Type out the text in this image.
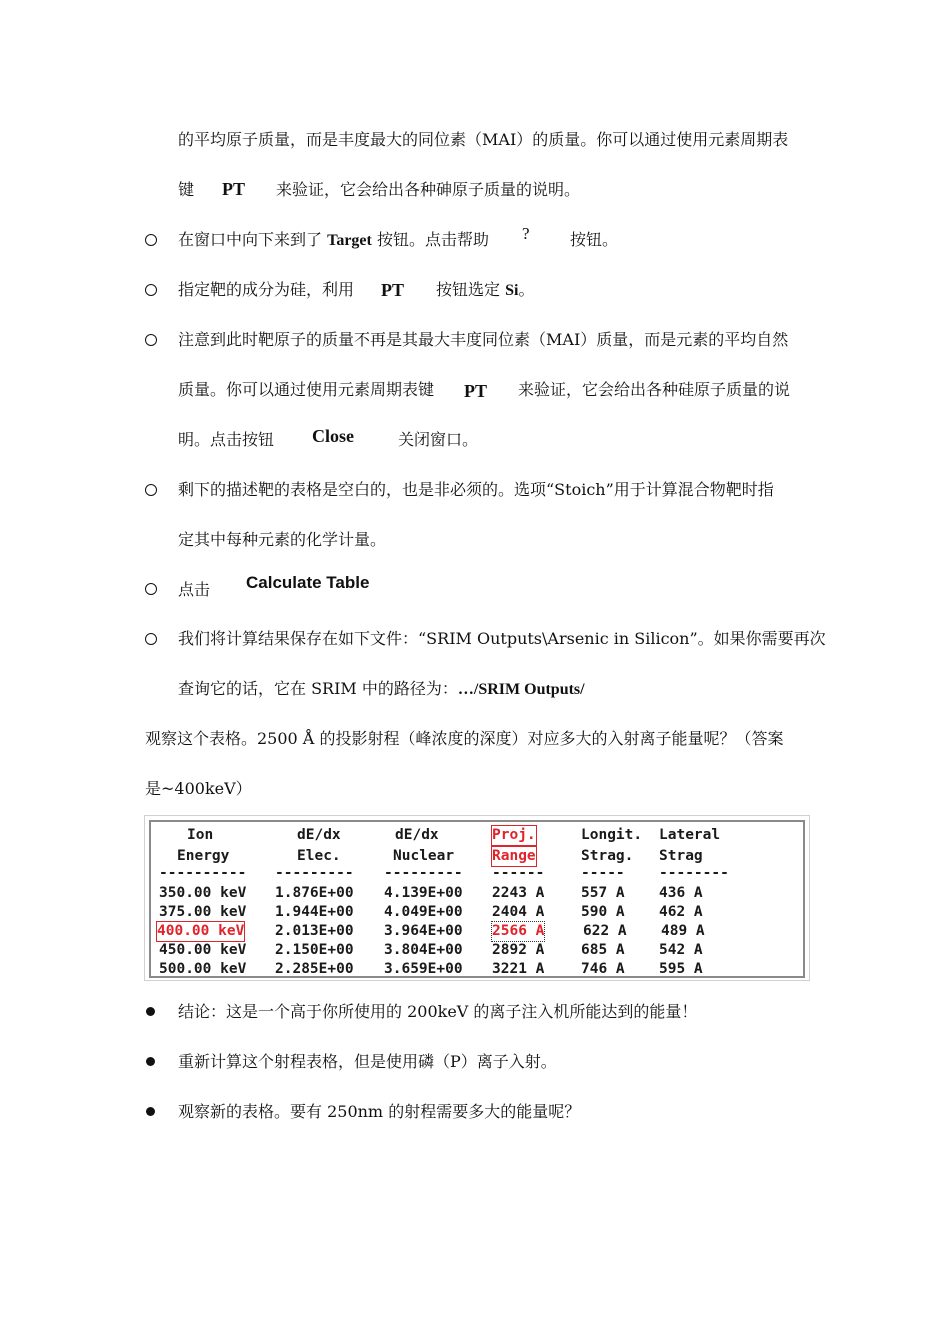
的平均原子质量，而是丰度最大的同位素（MAI）的质量。你可以通过使用元素周期表
键 PT 来验证，它会给出各种砷原子质量的说明。
在窗口中向下来到了 Target 按钮。点击帮助 ?	按钮。
指定靶的成分为硅，利用 PT 按钮选定 Si。
注意到此时靶原子的质量不再是其最大丰度同位素（MAI）质量，而是元素的平均自然
质量。你可以通过使用元素周期表键 PT 来验证，它会给出各种硅原子质量的说
明。点击按钮 Close	关闭窗口。
剩下的描述靶的表格是空白的，也是非必须的。选项“Stoich”用于计算混合物靶时指
定其中每种元素的化学计量。
点击 Calculate Table
我们将计算结果保存在如下文件：“SRIM Outputs\Arsenic in Silicon”。如果你需要再次
查询它的话，它在 SRIM 中的路径为：…/SRIM Outputs/
观察这个表格。2500 Å 的投影射程（峰浓度的深度）对应多大的入射离子能量呢？（答案
是~400keV）
Ion	dE/dx	dE/dx	Proj.	Longit. Lateral
Energy	Elec.	Nuclear	Range	Strag. Strag
---------- --------- --------- ------	----- --------
350.00 keV 1.876E+00 4.139E+00 2243 A	557 A 436 A
375.00 keV 1.944E+00 4.049E+00 2404 A	590 A 462 A
400.00 keV 2.013E+00 3.964E+00 2566 A	622 A 489 A
450.00 keV 2.150E+00 3.804E+00 2892 A	685 A 542 A
500.00 keV 2.285E+00 3.659E+00 3221 A	746 A 595 A
结论：这是一个高于你所使用的 200keV 的离子注入机所能达到的能量！
重新计算这个射程表格，但是使用磷（P）离子入射。
观察新的表格。要有 250nm 的射程需要多大的能量呢？
